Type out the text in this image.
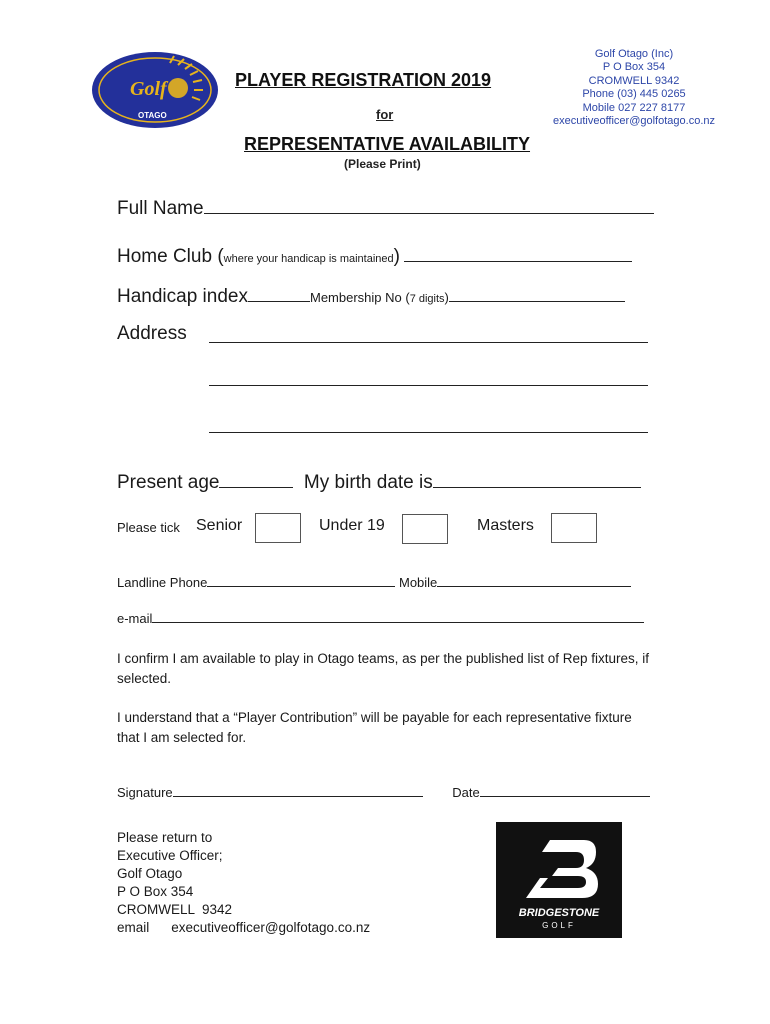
Golf
OTAGO
PLAYER REGISTRATION 2019
for
REPRESENTATIVE AVAILABILITY
(Please Print)
Golf Otago (Inc)
P O Box 354
CROMWELL 9342
Phone (03) 445 0265
Mobile 027 227 8177
executiveofficer@golfotago.co.nz
Full Name
Home Club (where your handicap is maintained)
Handicap index	Membership No (7 digits)
Address
Present age	My birth date is
Please tick Senior	Under 19	Masters
Landline Phone	Mobile
e-mail
I confirm I am available to play in Otago teams, as per the published list of Rep fixtures, if selected.
I understand that a “Player Contribution” will be payable for each representative fixture that I am selected for.
Signature	Date
Please return to
Executive Officer;
Golf Otago
P O Box 354
CROMWELL  9342
email executiveofficer@golfotago.co.nz
BRIDGESTONE
GOLF
